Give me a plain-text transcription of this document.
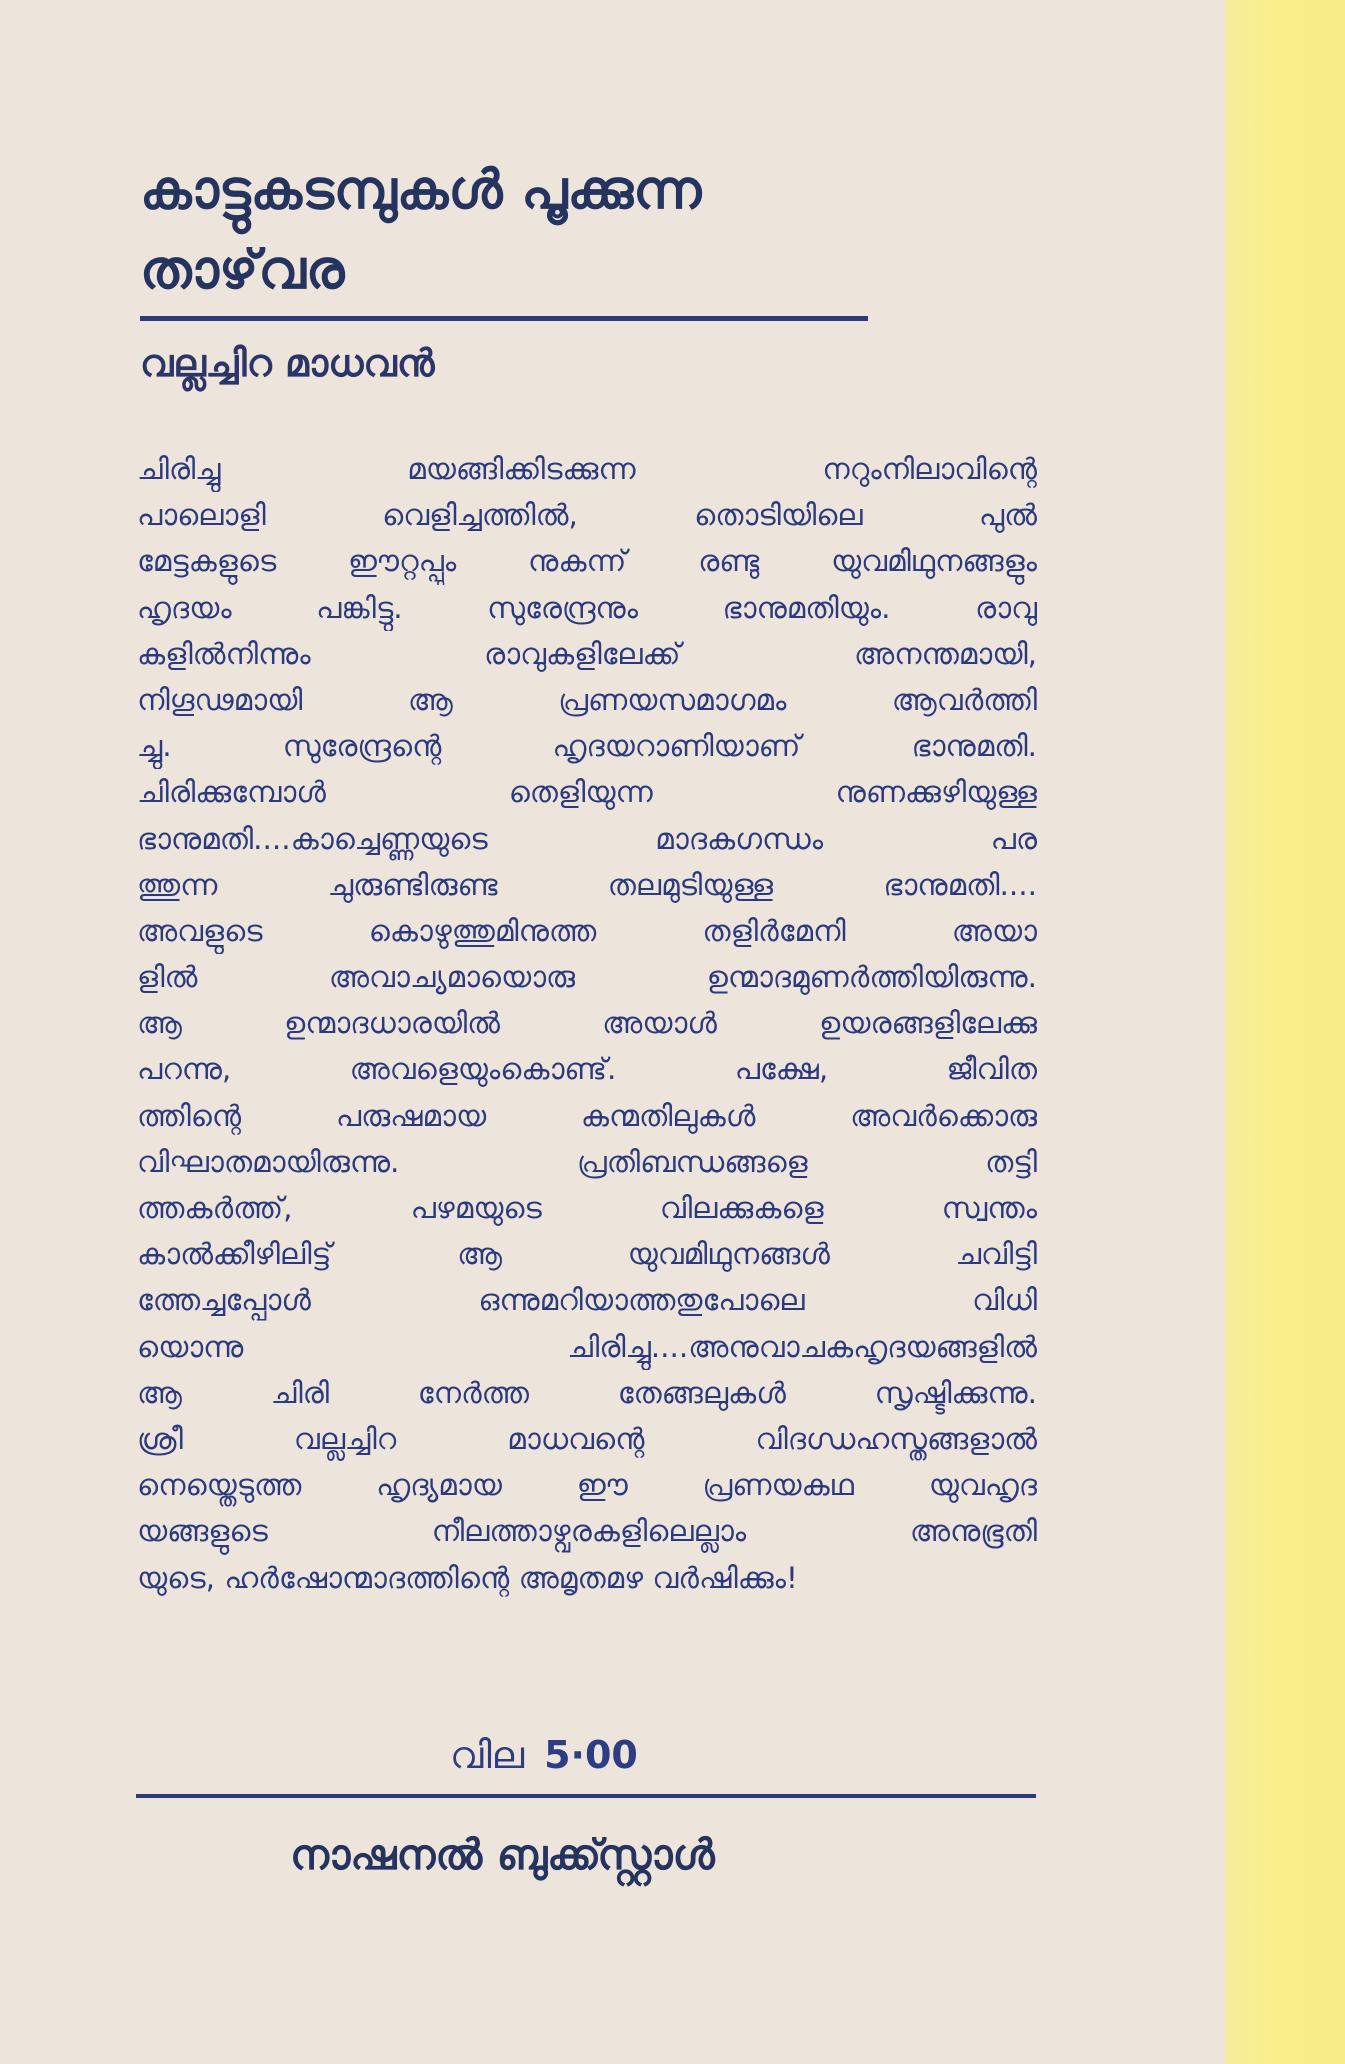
കാട്ടുകടമ്പുകൾ പൂക്കുന്ന
താഴ്‌വര

വല്ലച്ചിറ മാധവൻ

ചിരിച്ചു മയങ്ങിക്കിടക്കുന്ന നറുംനിലാവിന്റെ
പാലൊളി വെളിച്ചത്തിൽ, തൊടിയിലെ പുൽ
മേട്ടകളുടെ ഈറ്റപ്പും നുകന്ന് രണ്ടു യുവമിഥുനങ്ങളും
ഹൃദയം പങ്കിട്ടു. സുരേന്ദ്രനും ഭാനുമതിയും. രാവു
കളിൽനിന്നും രാവുകളിലേക്ക് അനന്തമായി,
നിഗൂഢമായി ആ പ്രണയസമാഗമം ആവർത്തി
ച്ചു. സുരേന്ദ്രന്റെ ഹൃദയറാണിയാണ് ഭാനുമതി.
ചിരിക്കുമ്പോൾ തെളിയുന്ന നുണക്കുഴിയുള്ള
ഭാനുമതി....കാച്ചെണ്ണയുടെ മാദകഗന്ധം പര
ത്തുന്ന ചുരുണ്ടിരുണ്ട തലമുടിയുള്ള ഭാനുമതി....
അവളുടെ കൊഴുത്തുമിനുത്ത തളിർമേനി അയാ
ളിൽ അവാച്യമായൊരു ഉന്മാദമുണർത്തിയിരുന്നു.
ആ ഉന്മാദധാരയിൽ അയാൾ ഉയരങ്ങളിലേക്കു
പറന്നു, അവളെയുംകൊണ്ട്. പക്ഷേ, ജീവിത
ത്തിന്റെ പരുഷമായ കന്മതിലുകൾ അവർക്കൊരു
വിഘാതമായിരുന്നു. പ്രതിബന്ധങ്ങളെ തട്ടി
ത്തകർത്ത്, പഴമയുടെ വിലക്കുകളെ സ്വന്തം
കാൽക്കീഴിലിട്ട് ആ യുവമിഥുനങ്ങൾ ചവിട്ടി
ത്തേച്ചപ്പോൾ ഒന്നുമറിയാത്തതുപോലെ വിധി
യൊന്നു ചിരിച്ചു....അനുവാചകഹൃദയങ്ങളിൽ
ആ ചിരി നേർത്ത തേങ്ങലുകൾ സൃഷ്ടിക്കുന്നു.
ശ്രീ വല്ലച്ചിറ മാധവന്റെ വിദഗ്ധഹസ്തങ്ങളാൽ
നെയ്തെടുത്ത ഹൃദ്യമായ ഈ പ്രണയകഥ യുവഹൃദ
യങ്ങളുടെ നീലത്താഴ്വരകളിലെല്ലാം അനുഭൂതി
യുടെ, ഹർഷോന്മാദത്തിന്റെ അമൃതമഴ വർഷിക്കും!

വില 5·00

നാഷനൽ ബുക്ക്സ്റ്റാൾ
